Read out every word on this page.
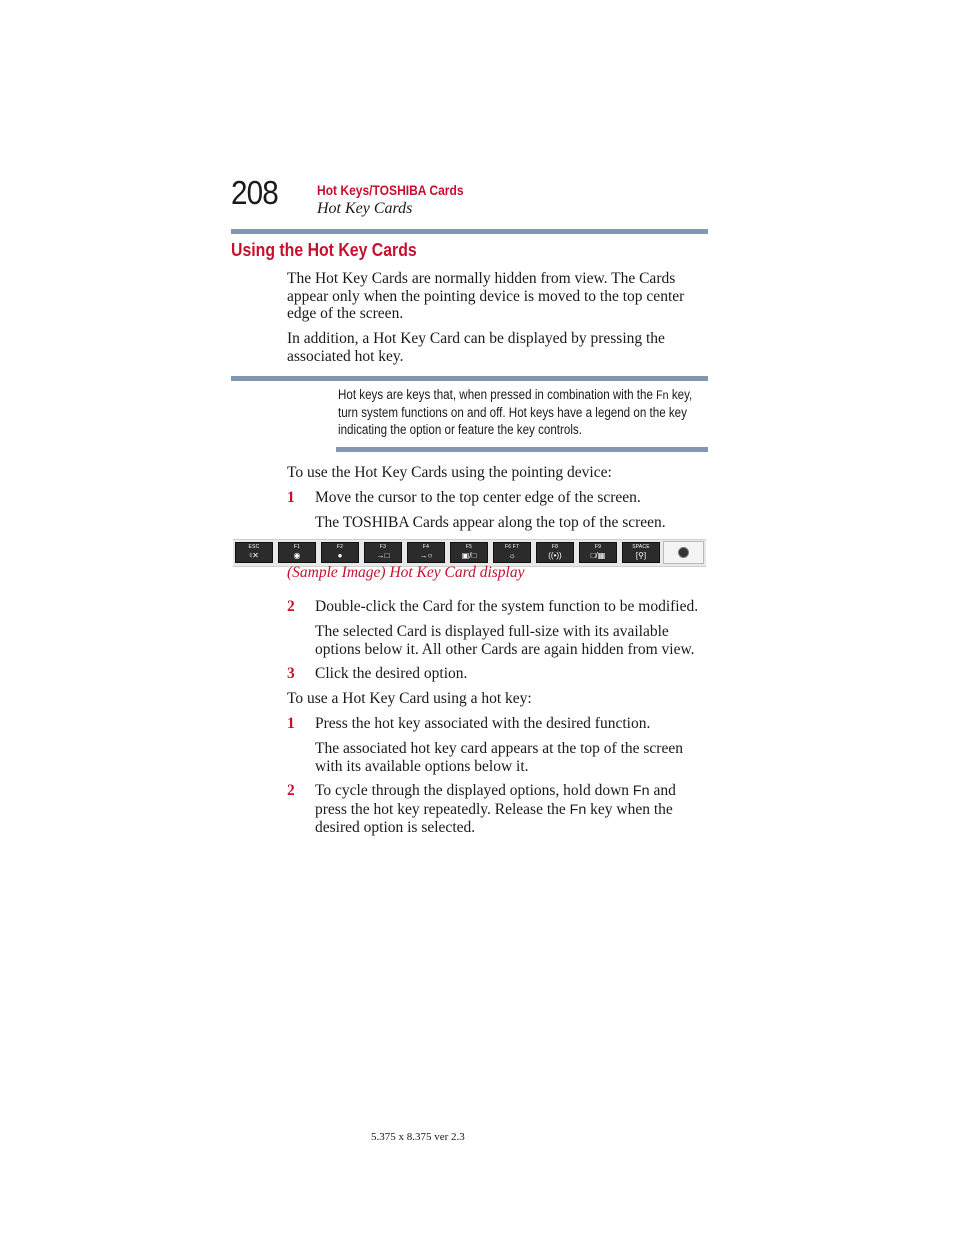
208	Hot Keys/TOSHIBA Cards
Hot Key Cards
Using the Hot Key Cards
The Hot Key Cards are normally hidden from view. The Cards appear only when the pointing device is moved to the top center edge of the screen.
In addition, a Hot Key Card can be displayed by pressing the associated hot key.
Hot keys are keys that, when pressed in combination with the Fn key, turn system functions on and off. Hot keys have a legend on the key indicating the option or feature the key controls.
To use the Hot Key Cards using the pointing device:
1 Move the cursor to the top center edge of the screen.
The TOSHIBA Cards appear along the top of the screen.
ESC
♮✕
F1
◉
F2
●
F3
→□
F4
→○
F5
▣/□
F6 F7
☼
F8
((•))
F9
□/▦
SPACE
[⚲]
(Sample Image) Hot Key Card display
2 Double-click the Card for the system function to be modified.
The selected Card is displayed full-size with its available options below it. All other Cards are again hidden from view.
3 Click the desired option.
To use a Hot Key Card using a hot key:
1 Press the hot key associated with the desired function.
The associated hot key card appears at the top of the screen with its available options below it.
2 To cycle through the displayed options, hold down Fn and press the hot key repeatedly. Release the Fn key when the desired option is selected.
5.375 x 8.375 ver 2.3
